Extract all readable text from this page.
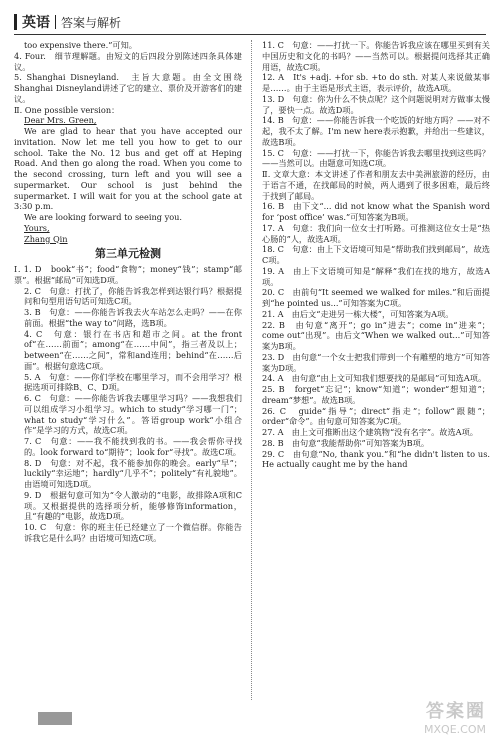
英语 答案与解析
too expensive there.”可知。
4. Four.　细节理解题。由短文的后四段分别陈述四条具体建议。
5. Shanghai Disneyland.　主旨大意题。由全文围绕Shanghai Disneyland讲述了它的建立、票价及开游客们的建议。
Ⅱ. One possible version：
Dear Mrs. Green,
We are glad to hear that you have accepted our invitation. Now let me tell you how to get to our school. Take the No. 12 bus and get off at Heping Road. And then go along the road. When you come to the second crossing, turn left and you will see a supermarket. Our school is just behind the supermarket. I will wait for you at the school gate at 3:30 p.m.
We are looking forward to seeing you.
Yours,
Zhang Qin
第三单元检测
Ⅰ. 1. D　book“书”；food“食物”；money“钱”；stamp“邮票”。根据“邮局”可知选D项。
2. C　句意：打扰了，你能告诉我怎样到达银行吗？根据提问和句型用语句话可知选C项。
3. B　句意：——你能告诉我去火车站怎么走吗？——在你前面。根据“the way to”问路，选B项。
4. C　句意：银行在书店和超市之间。at the front of“在……前面”；among“在……中间”，指三者及以上；between“在……之间”，常和and连用；behind“在……后面”。根据句意选C项。
5. A　句意：——你们学校在哪里学习，而不会用学习？根据选项可排除B、C、D项。
6. C　句意：——你能告诉我去哪里学习吗？——我想我们可以组成学习小组学习。which to study“学习哪一门”；what to study“学习什么”。答语group work“小组合作”是学习的方式，故选C项。
7. C　句意：——我不能找到我的书。——我会帮你寻找的。look forward to“期待”；look for“寻找”。故选C项。
8. D　句意：对不起，我不能参加你的晚会。early“早”；luckily“幸运地”；hardly“几乎不”；politely“有礼貌地”。由语境可知选D项。
9. D　根据句意可知为“令人激动的”电影，故排除A项和C项。又根据提供的选择项分析，能够修饰information，且“有趣的”电影，故选D项。
10. C　句意：你的班主任已经建立了一个微信群。你能告诉我它是什么吗？由语境可知选C项。
11. C　句意：——打扰一下。你能告诉我应该在哪里买到有关中国历史和文化的书吗？——当然可以。根据提问选择其正确用语，故选C项。
12. A　It's +adj. +for sb. +to do sth. 对某人来说做某事是……。由于主语是形式主语，表示评价，故选A项。
13. D　句意：你为什么不快点呢？这个问题说明对方做事太慢了，要快一点。故选D项。
14. B　句意：——你能告诉我一个吃饭的好地方吗？——对不起，我不太了解。I'm new here表示抱歉，并给出一些建议，故选B项。
15. C　句意：——打扰一下，你能告诉我去哪里找到这些吗？——当然可以。由题意可知选C项。
Ⅱ. 文章大意：本文讲述了作者和朋友去中美洲旅游的经历，由于语言不通，在找邮局的时候，两人遇到了很多困难，最后终于找到了邮局。
16. B　由下文“... did not know what the Spanish word for ‘post office’ was.”可知答案为B项。
17. A　句意：我们向一位女士打听路。可推测这位女士是“热心肠的”人，故选A项。
18. C　句意：由上下文语境可知是“帮助我们找到邮局”，故选C项。
19. A　由上下文语境可知是“解释”我们在找的地方，故选A项。
20. C　由前句“It seemed we walked for miles.”和后面提到“he pointed us...”可知答案为C项。
21. A　由后文“走进另一栋大楼”，可知答案为A项。
22. B　由句意“离开”；go in“进去”；come in“进来”；come out“出现”。由后文“When we walked out...”可知答案为B项。
23. D　由句意“一个女士把我们带到一个有雕塑的地方”可知答案为D项。
24. A　由句意“由上文可知我们想要找的是邮局”可知选A项。
25. B　forget“忘记”；know“知道”；wonder“想知道”；dream“梦想”。故选B项。
26. C　guide“指导”；direct“指走”；follow“跟随”；order“命令”。由句意可知答案为C项。
27. A　由上文可推断出这个建筑物“没有名字”。故选A项。
28. B　由句意“我能帮助你”可知答案为B项。
29. C　由句意“No, thank you.”和“he didn't listen to us. He actually caught me by the hand
答案圈
MXQE.COM
